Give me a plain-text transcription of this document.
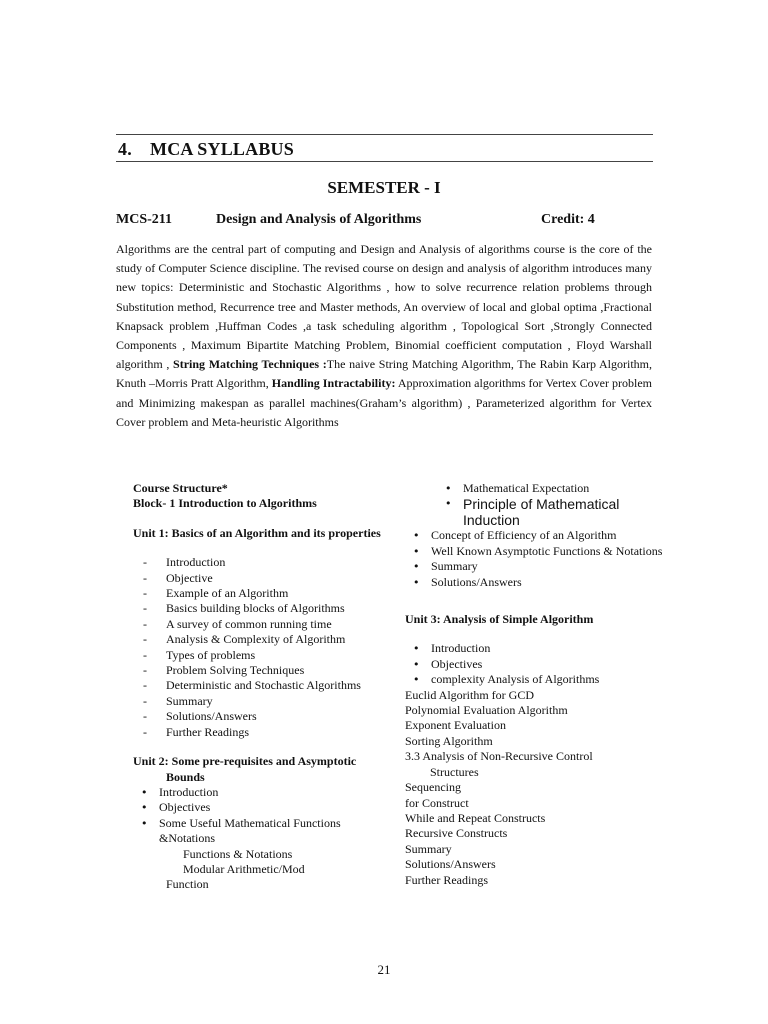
4. MCA SYLLABUS
SEMESTER - I
MCS-211	Design and Analysis of Algorithms	Credit: 4
Algorithms are the central part of computing and Design and Analysis of algorithms course is the core of the study of Computer Science discipline. The revised course on design and analysis of algorithm introduces many new topics: Deterministic and Stochastic Algorithms , how to solve recurrence relation problems through Substitution method, Recurrence tree and Master methods, An overview of local and global optima ,Fractional Knapsack problem ,Huffman Codes ,a task scheduling algorithm , Topological Sort ,Strongly Connected Components , Maximum Bipartite Matching Problem, Binomial coefficient computation , Floyd Warshall algorithm , String Matching Techniques :The naive String Matching Algorithm, The Rabin Karp Algorithm, Knuth –Morris Pratt Algorithm, Handling Intractability: Approximation algorithms for Vertex Cover problem and Minimizing makespan as parallel machines(Graham’s algorithm) , Parameterized algorithm for Vertex Cover problem and Meta-heuristic Algorithms
Course Structure*
Block- 1 Introduction to Algorithms
Unit 1: Basics of an Algorithm and its properties
- Introduction
- Objective
- Example of an Algorithm
- Basics building blocks of Algorithms
- A survey of common running time
- Analysis & Complexity of Algorithm
- Types of problems
- Problem Solving Techniques
- Deterministic and Stochastic Algorithms
- Summary
- Solutions/Answers
- Further Readings
Unit 2: Some pre-requisites and Asymptotic Bounds
• Introduction
• Objectives
• Some Useful Mathematical Functions &Notations
Functions & Notations
Modular Arithmetic/Mod
Function
• Mathematical Expectation
• Principle of Mathematical Induction
• Concept of Efficiency of an Algorithm
• Well Known Asymptotic Functions & Notations
• Summary
• Solutions/Answers
Unit 3: Analysis of Simple Algorithm
• Introduction
• Objectives
• complexity Analysis of Algorithms
Euclid Algorithm for GCD
Polynomial Evaluation Algorithm
Exponent Evaluation
Sorting Algorithm
3.3 Analysis of Non-Recursive Control
Structures
Sequencing
for Construct
While and Repeat Constructs
Recursive Constructs
Summary
Solutions/Answers
Further Readings
21
